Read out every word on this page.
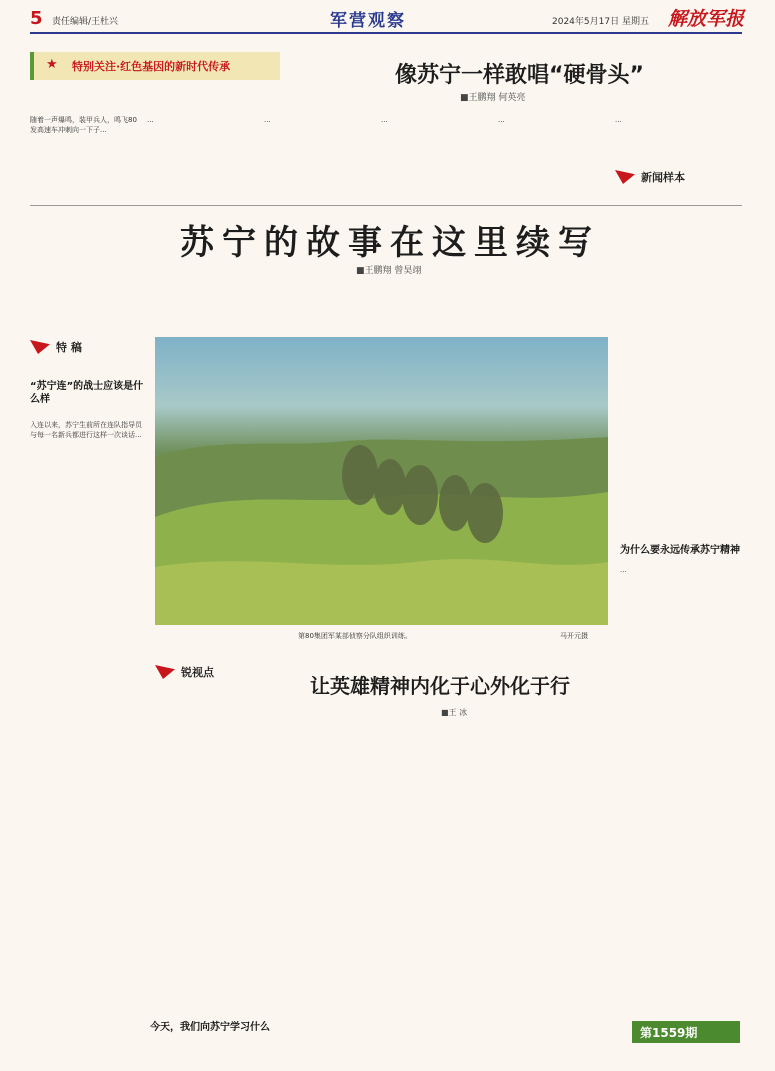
5 责任编辑/王杜兴	军营观察	2024年5月17日 星期五 解放军报
★ 特别关注·红色基因的新时代传承	像苏宁一样敢唱“硬骨头”
■王鹏翔 何英亮
随着一声爆鸣，装甲兵人，鸣飞80发高速车冲刺向一下子...
...	...	...	...	...
新闻样本
苏宁的故事在这里续写
■王鹏翔 曾昊翊
特 稿
“苏宁连”的战士应该是什么样
入连以来，苏宁生前所在连队指导员与每一名新兵都进行这样一次谈话...
第80集团军某部侦察分队组织训练。	马开元摄
为什么要永远传承苏宁精神
...
锐视点
让英雄精神内化于心外化于行
■王 冰
今天，我们向苏宁学习什么	第1559期
